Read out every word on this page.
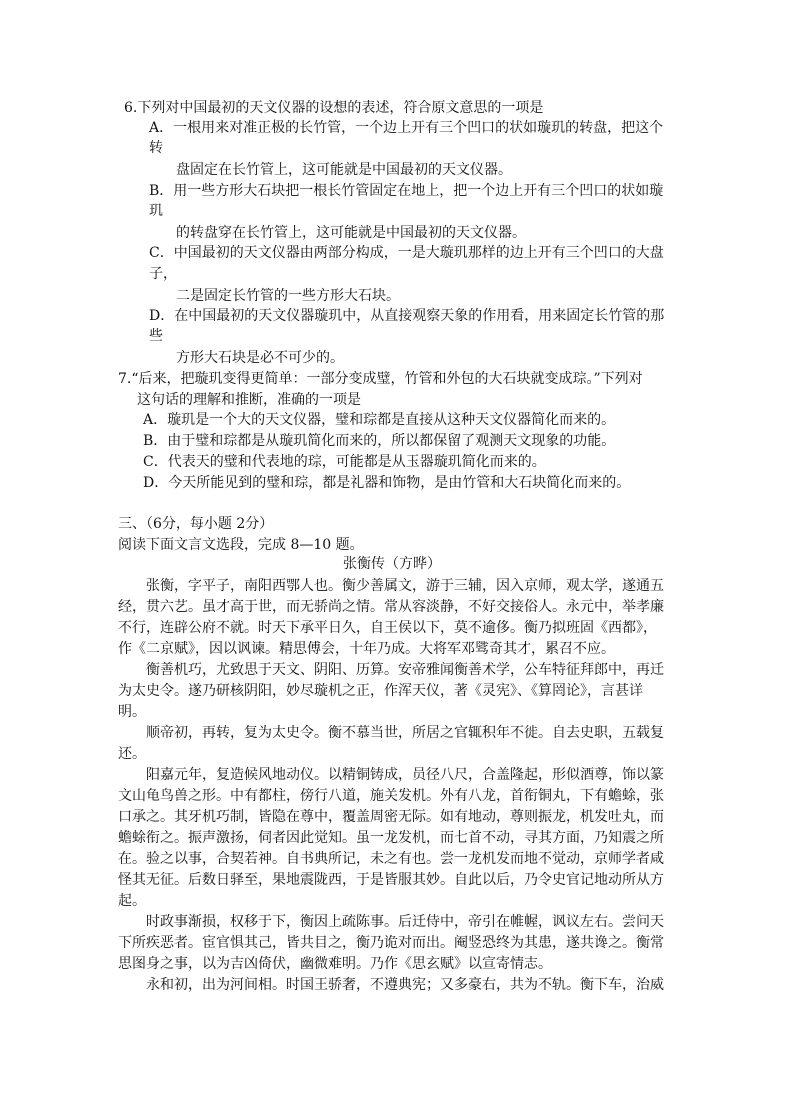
6.下列对中国最初的天文仪器的设想的表述，符合原文意思的一项是
A．一根用来对准正极的长竹管，一个边上开有三个凹口的状如璇玑的转盘，把这个
转
盘固定在长竹管上，这可能就是中国最初的天文仪器。
B．用一些方形大石块把一根长竹管固定在地上，把一个边上开有三个凹口的状如璇
玑
的转盘穿在长竹管上，这可能就是中国最初的天文仪器。
C．中国最初的天文仪器由两部分构成，一是大璇玑那样的边上开有三个凹口的大盘
子，
二是固定长竹管的一些方形大石块。
D．在中国最初的天文仪器璇玑中，从直接观察天象的作用看，用来固定长竹管的那
些
方形大石块是必不可少的。
7.“后来，把璇玑变得更简单：一部分变成璧，竹管和外包的大石块就变成琮。”下列对
这句话的理解和推断，准确的一项是
A．璇玑是一个大的天文仪器，璧和琮都是直接从这种天文仪器简化而来的。
B．由于璧和琮都是从璇玑简化而来的，所以都保留了观测天文现象的功能。
C．代表天的璧和代表地的琮，可能都是从玉器璇玑简化而来的。
D．今天所能见到的璧和琮，都是礼器和饰物，是由竹管和大石块简化而来的。
三、（6分，每小题 2分）
阅读下面文言文选段，完成 8—10 题。
张衡传（方晔）
张衡，字平子，南阳西鄂人也。衡少善属文，游于三辅，因入京师，观太学，遂通五
经，贯六艺。虽才高于世，而无骄尚之情。常从容淡静，不好交接俗人。永元中，举孝廉
不行，连辟公府不就。时天下承平日久，自王侯以下，莫不逾侈。衡乃拟班固《西都》，
作《二京赋》，因以讽谏。精思傅会，十年乃成。大将军邓骘奇其才，累召不应。
衡善机巧，尤致思于天文、阴阳、历算。安帝雅闻衡善术学，公车特征拜郎中，再迁
为太史令。遂乃研核阴阳，妙尽璇机之正，作浑天仪，著《灵宪》、《算罔论》，言甚详
明。
顺帝初，再转，复为太史令。衡不慕当世，所居之官辄积年不徙。自去史职，五载复
还。
阳嘉元年，复造候风地动仪。以精铜铸成，员径八尺，合盖隆起，形似酒尊，饰以篆
文山龟鸟兽之形。中有都柱，傍行八道，施关发机。外有八龙，首衔铜丸，下有蟾蜍，张
口承之。其牙机巧制，皆隐在尊中，覆盖周密无际。如有地动，尊则振龙，机发吐丸，而
蟾蜍衔之。振声激扬，伺者因此觉知。虽一龙发机，而七首不动，寻其方面，乃知震之所
在。验之以事，合契若神。自书典所记，未之有也。尝一龙机发而地不觉动，京师学者咸
怪其无征。后数日驿至，果地震陇西，于是皆服其妙。自此以后，乃令史官记地动所从方
起。
时政事渐损，权移于下，衡因上疏陈事。后迁侍中，帝引在帷幄，讽议左右。尝问天
下所疾恶者。宦官惧其己，皆共目之，衡乃诡对而出。阉竖恐终为其患，遂共谗之。衡常
思图身之事，以为吉凶倚伏，幽微难明。乃作《思玄赋》以宣寄情志。
永和初，出为河间相。时国王骄奢，不遵典宪；又多豪右，共为不轨。衡下车，治威
